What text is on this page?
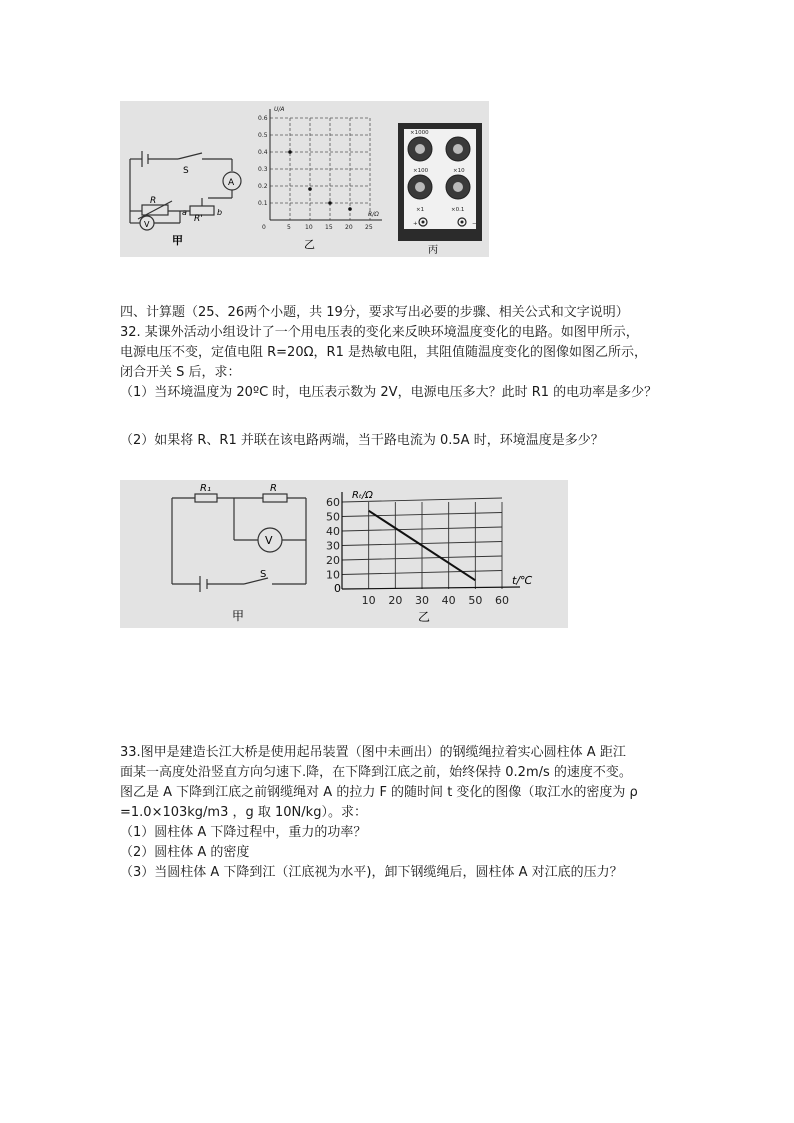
S
A
V
R
R'
a	b
甲
0.6
0.5
0.4
0.3
0.2
0.1
0	5 10 15 20 25
U/A
R/Ω
乙
×1000
×100	×10
×1	×0.1
+	−
丙
四、计算题（25、26两个小题，共 19分，要求写出必要的步骤、相关公式和文字说明）
32. 某课外活动小组设计了一个用电压表的变化来反映环境温度变化的电路。如图甲所示，
电源电压不变，定值电阻 R=20Ω，R1 是热敏电阻，其阻值随温度变化的图像如图乙所示，
闭合开关 S 后，求：
（1）当环境温度为 20ºC 时，电压表示数为 2V，电源电压多大？此时 R1 的电功率是多少？
（2）如果将 R、R1 并联在该电路两端，当干路电流为 0.5A 时，环境温度是多少？
R₁	R
V
S
甲
60
50
40
30
20
10
10 20 30 40 50 60
Rₜ/Ω
t/℃
0
乙
33.图甲是建造长江大桥是使用起吊装置（图中未画出）的钢缆绳拉着实心圆柱体 A 距江
面某一高度处沿竖直方向匀速下.降，在下降到江底之前，始终保持 0.2m/s 的速度不变。
图乙是 A 下降到江底之前钢缆绳对 A 的拉力 F 的随时间 t 变化的图像（取江水的密度为 ρ
=1.0×103kg/m3 ，g 取 10N/kg）。求：
（1）圆柱体 A 下降过程中，重力的功率？
（2）圆柱体 A 的密度
（3）当圆柱体 A 下降到江（江底视为水平)，卸下钢缆绳后，圆柱体 A 对江底的压力？
